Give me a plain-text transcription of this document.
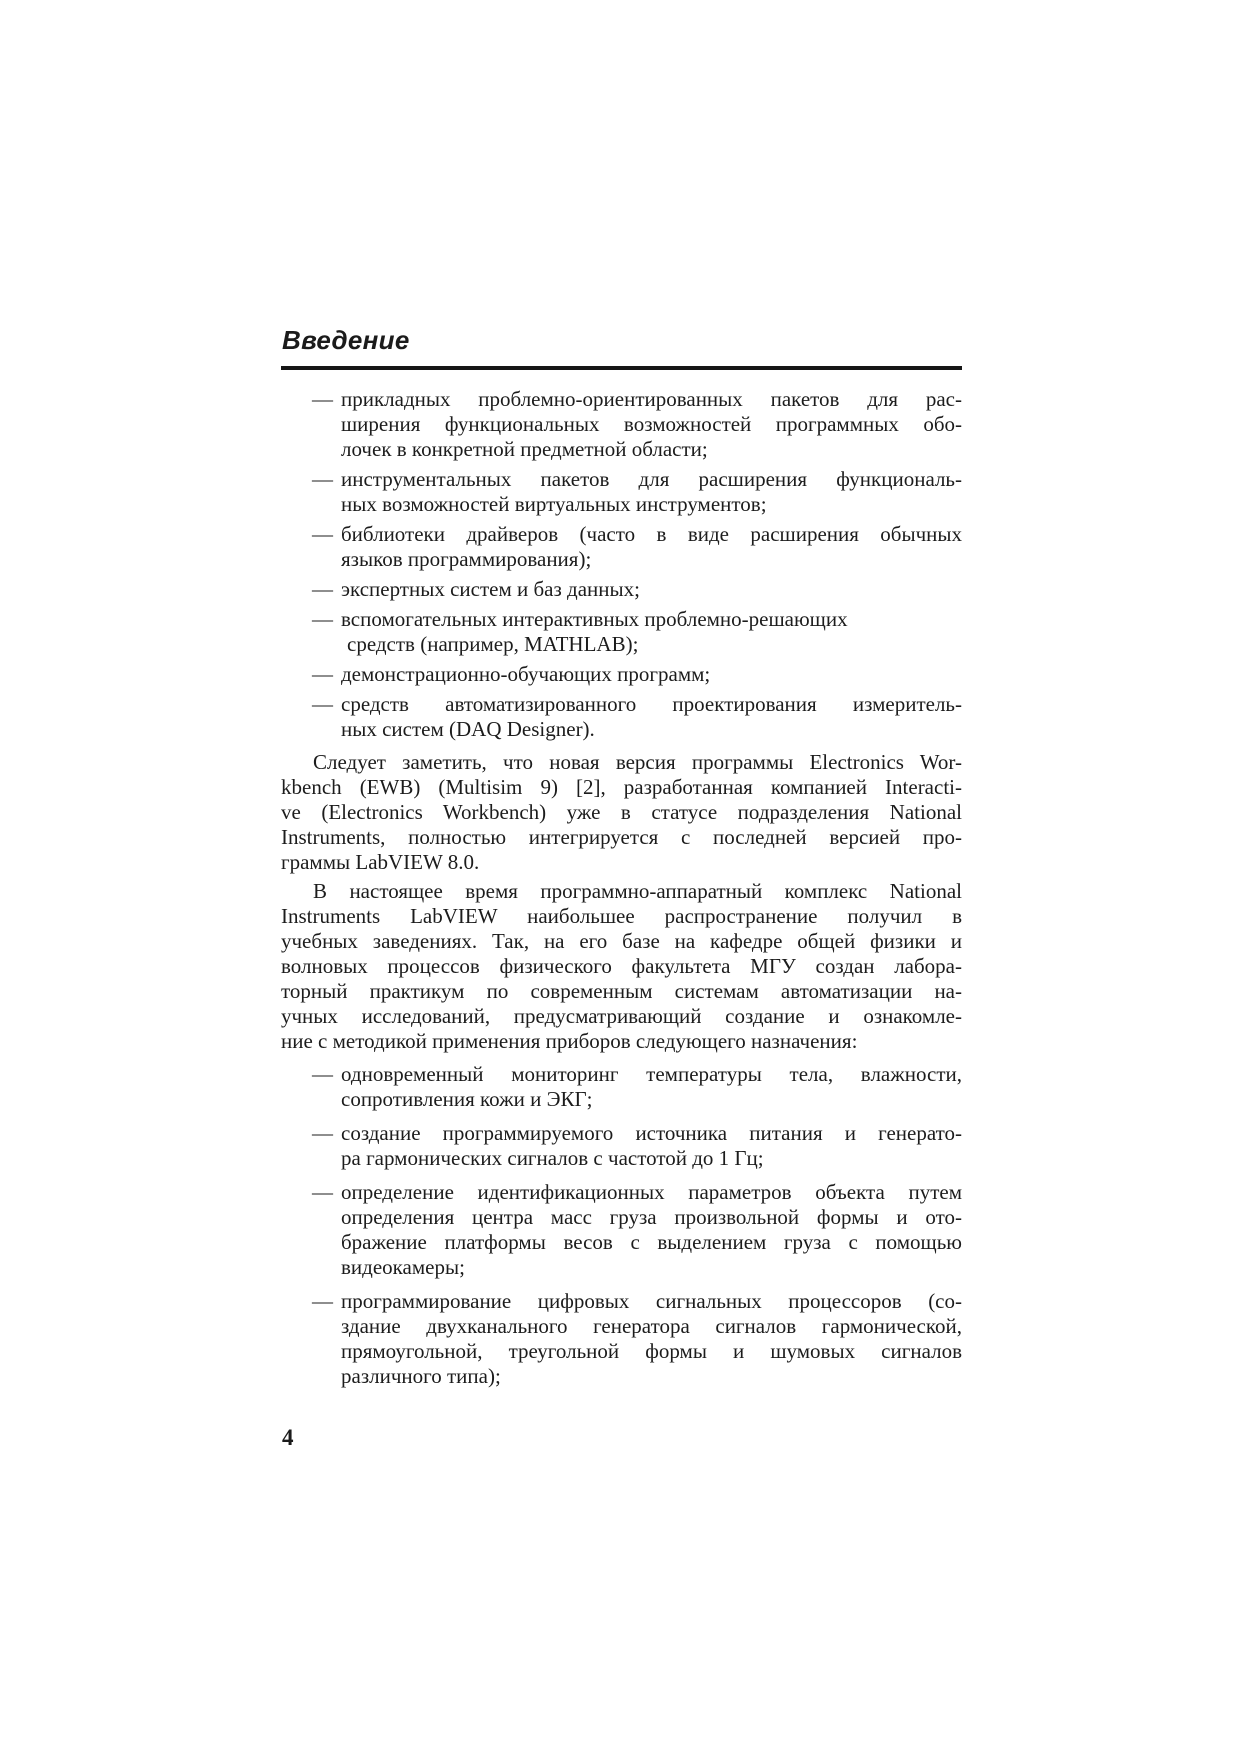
Введение
— прикладных проблемно-ориентированных пакетов для рас-
ширения функциональных возможностей программных обо-
лочек в конкретной предметной области;
— инструментальных пакетов для расширения функциональ-
ных возможностей виртуальных инструментов;
— библиотеки драйверов (часто в виде расширения обычных
языков программирования);
— экспертных систем и баз данных;
— вспомогательных интерактивных проблемно-решающих
средств (например, MATHLAB);
— демонстрационно-обучающих программ;
— средств автоматизированного проектирования измеритель-
ных систем (DAQ Designer).
Следует заметить, что новая версия программы Electronics Wor-
kbench (EWB) (Multisim 9) [2], разработанная компанией Interacti-
ve (Electronics Workbench) уже в статусе подразделения National
Instruments, полностью интегрируется с последней версией про-
граммы LabVIEW 8.0.
В настоящее время программно-аппаратный комплекс National
Instruments LabVIEW наибольшее распространение получил в
учебных заведениях. Так, на его базе на кафедре общей физики и
волновых процессов физического факультета МГУ создан лабора-
торный практикум по современным системам автоматизации на-
учных исследований, предусматривающий создание и ознакомле-
ние с методикой применения приборов следующего назначения:
— одновременный мониторинг температуры тела, влажности,
сопротивления кожи и ЭКГ;
— создание программируемого источника питания и генерато-
ра гармонических сигналов с частотой до 1 Гц;
— определение идентификационных параметров объекта путем
определения центра масс груза произвольной формы и ото-
бражение платформы весов с выделением груза с помощью
видеокамеры;
— программирование цифровых сигнальных процессоров (со-
здание двухканального генератора сигналов гармонической,
прямоугольной, треугольной формы и шумовых сигналов
различного типа);
4
